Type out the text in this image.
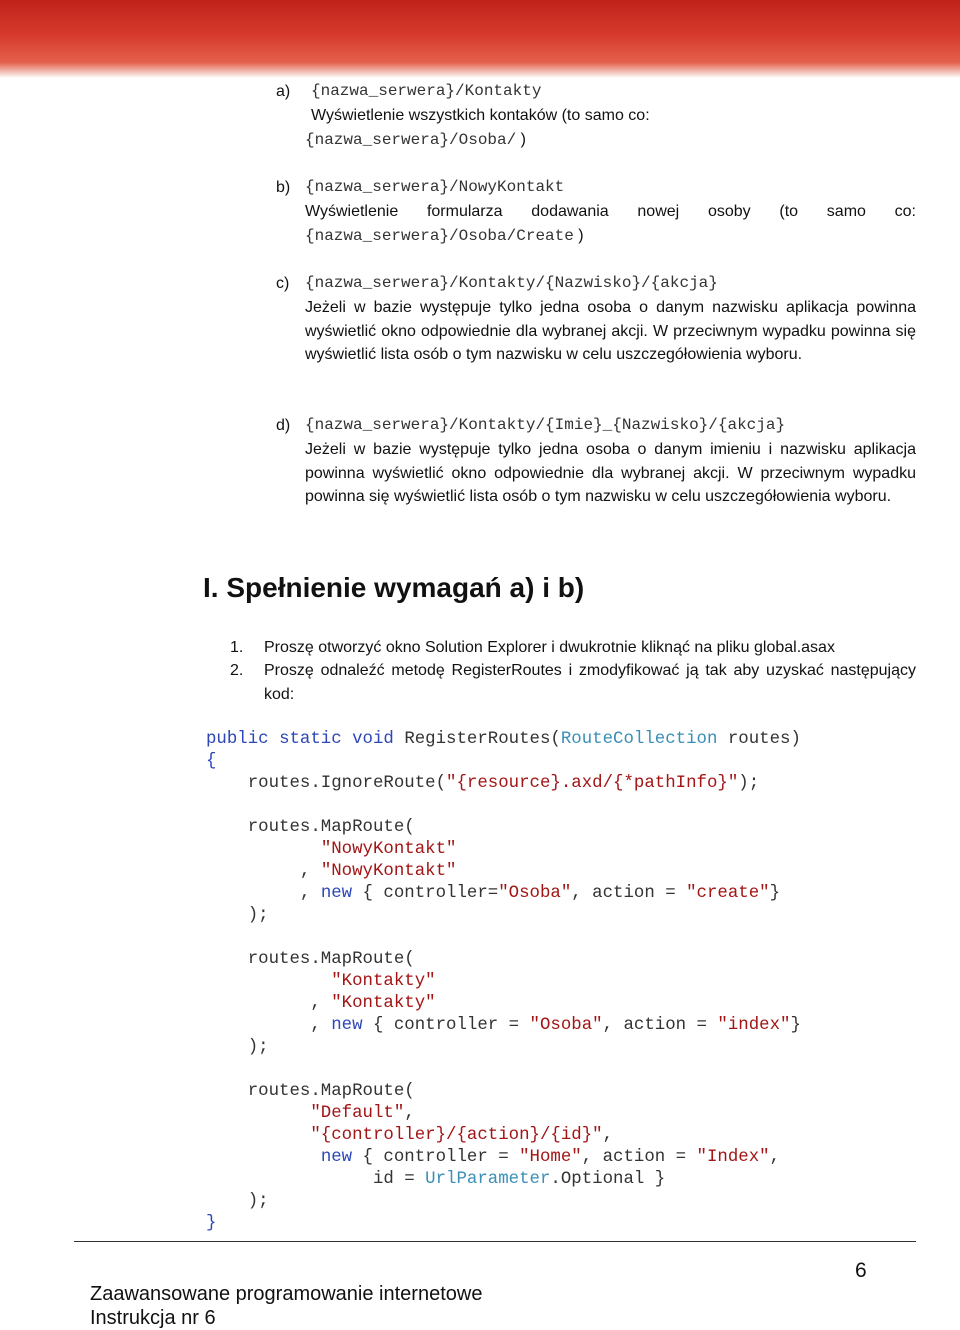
a) {nazwa_serwera}/Kontakty
Wyświetlenie wszystkich kontaków (to samo co:
{nazwa_serwera}/Osoba/ )
b) {nazwa_serwera}/NowyKontakt
Wyświetlenie formularza dodawania nowej osoby (to samo co:
{nazwa_serwera}/Osoba/Create )
c) {nazwa_serwera}/Kontakty/{Nazwisko}/{akcja}
Jeżeli w bazie występuje tylko jedna osoba o danym nazwisku aplikacja powinna wyświetlić okno odpowiednie dla wybranej akcji. W przeciwnym wypadku powinna się wyświetlić lista osób o tym nazwisku w celu uszczegółowienia wyboru.
d) {nazwa_serwera}/Kontakty/{Imie}_{Nazwisko}/{akcja}
Jeżeli w bazie występuje tylko jedna osoba o danym imieniu i nazwisku aplikacja powinna wyświetlić okno odpowiednie dla wybranej akcji. W przeciwnym wypadku powinna się wyświetlić lista osób o tym nazwisku w celu uszczegółowienia wyboru.
I. Spełnienie wymagań a) i b)
1. Proszę otworzyć okno Solution Explorer i dwukrotnie kliknąć na pliku global.asax
2. Proszę odnaleźć metodę RegisterRoutes i zmodyfikować ją tak aby uzyskać następujący kod:
public static void RegisterRoutes(RouteCollection routes)
{
routes.IgnoreRoute("{resource}.axd/{*pathInfo}");

routes.MapRoute(
"NowyKontakt"
, "NowyKontakt"
, new { controller="Osoba", action = "create"}
);

routes.MapRoute(
"Kontakty"
, "Kontakty"
, new { controller = "Osoba", action = "index"}
);

routes.MapRoute(
"Default",
"{controller}/{action}/{id}",
new { controller = "Home", action = "Index",
id = UrlParameter.Optional }
);
}
6
Zaawansowane programowanie internetowe
Instrukcja nr 6
